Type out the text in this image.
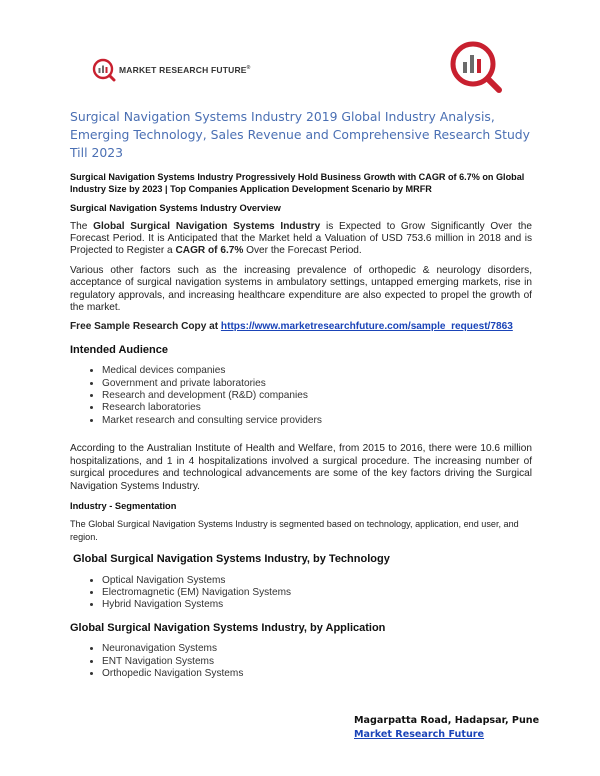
MARKET RESEARCH FUTURE®
Surgical Navigation Systems Industry 2019 Global Industry Analysis, Emerging Technology, Sales Revenue and Comprehensive Research Study Till 2023
Surgical Navigation Systems Industry Progressively Hold Business Growth with CAGR of 6.7% on Global Industry Size by 2023 | Top Companies Application Development Scenario by MRFR
Surgical Navigation Systems Industry Overview

The Global Surgical Navigation Systems Industry is Expected to Grow Significantly Over the Forecast Period. It is Anticipated that the Market held a Valuation of USD 753.6 million in 2018 and is Projected to Register a CAGR of 6.7% Over the Forecast Period.

Various other factors such as the increasing prevalence of orthopedic & neurology disorders, acceptance of surgical navigation systems in ambulatory settings, untapped emerging markets, rise in regulatory approvals, and increasing healthcare expenditure are also expected to propel the growth of the market.

Free Sample Research Copy at https://www.marketresearchfuture.com/sample_request/7863

Intended Audience
• Medical devices companies
• Government and private laboratories
• Research and development (R&D) companies
• Research laboratories
• Market research and consulting service providers

According to the Australian Institute of Health and Welfare, from 2015 to 2016, there were 10.6 million hospitalizations, and 1 in 4 hospitalizations involved a surgical procedure. The increasing number of surgical procedures and technological advancements are some of the key factors driving the Surgical Navigation Systems Industry.

Industry - Segmentation

The Global Surgical Navigation Systems Industry is segmented based on technology, application, end user, and region.

Global Surgical Navigation Systems Industry, by Technology
• Optical Navigation Systems
• Electromagnetic (EM) Navigation Systems
• Hybrid Navigation Systems
Global Surgical Navigation Systems Industry, by Application
• Neuronavigation Systems
• ENT Navigation Systems
• Orthopedic Navigation Systems
Magarpatta Road, Hadapsar, Pune
Market Research Future
